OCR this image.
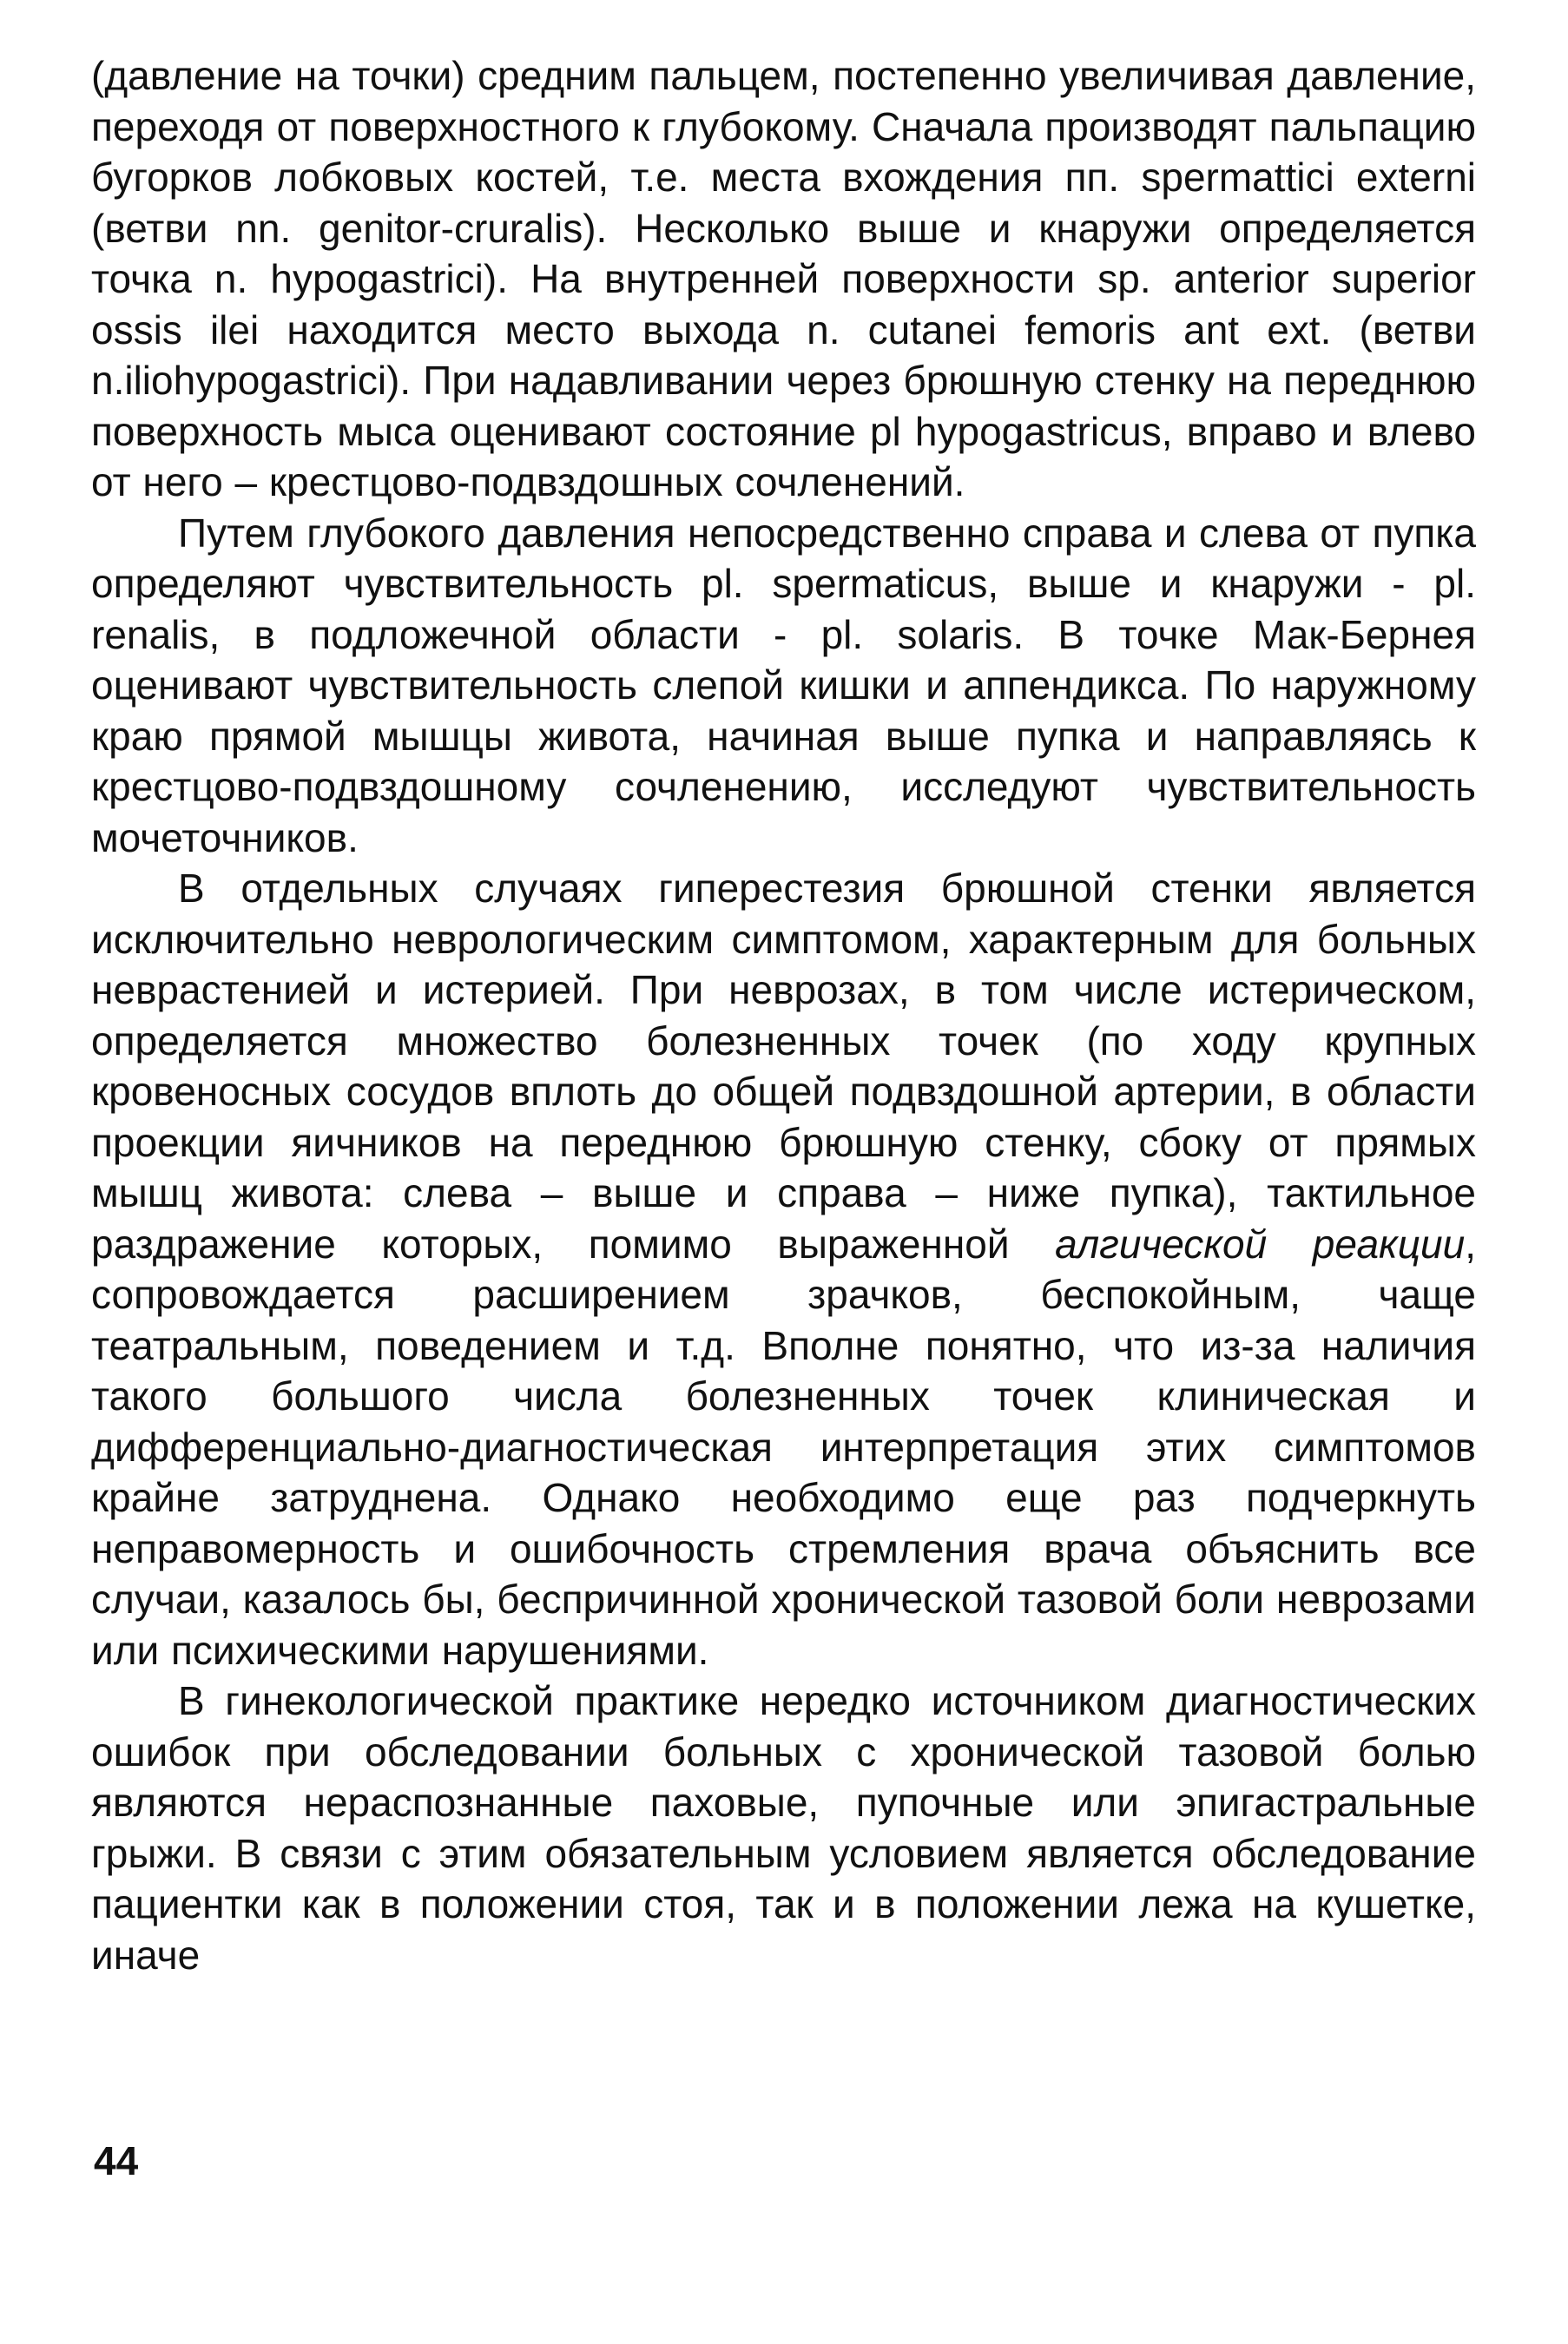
(давление на точки) средним пальцем, постепенно увеличивая давление, переходя от поверхностного к глубокому. Сначала производят пальпацию бугорков лобковых костей, т.е. места вхождения пп. spermattici externi (ветви nn. genitor-cruralis). Несколько выше и кнаружи определяется точка n. hypogastrici). На внутренней поверхности sp. anterior superior ossis ilei находится место выхода n. cutanei femoris ant ext. (ветви n.iliohypogastrici). При надавливании через брюшную стенку на переднюю поверхность мыса оценивают состояние pl hypogastricus, вправо и влево от него – крестцово-подвздошных сочленений.

Путем глубокого давления непосредственно справа и слева от пупка определяют чувствительность pl. spermaticus, выше и кнаружи - pl. renalis, в подложечной области - pl. solaris. В точке Мак-Бернея оценивают чувствительность слепой кишки и аппендикса. По наружному краю прямой мышцы живота, начиная выше пупка и направляясь к крестцово-подвздошному сочленению, исследуют чувствительность мочеточников.

В отдельных случаях гиперестезия брюшной стенки является исключительно неврологическим симптомом, характерным для больных неврастенией и истерией. При неврозах, в том числе истерическом, определяется множество болезненных точек (по ходу крупных кровеносных сосудов вплоть до общей подвздошной артерии, в области проекции яичников на переднюю брюшную стенку, сбоку от прямых мышц живота: слева – выше и справа – ниже пупка), тактильное раздражение которых, помимо выраженной алгической реакции, сопровождается расширением зрачков, беспокойным, чаще театральным, поведением и т.д. Вполне понятно, что из-за наличия такого большого числа болезненных точек клиническая и дифференциально-диагностическая интерпретация этих симптомов крайне затруднена. Однако необходимо еще раз подчеркнуть неправомерность и ошибочность стремления врача объяснить все случаи, казалось бы, беспричинной хронической тазовой боли неврозами или психическими нарушениями.

В гинекологической практике нередко источником диагностических ошибок при обследовании больных с хронической тазовой болью являются нераспознанные паховые, пупочные или эпигастральные грыжи. В связи с этим обязательным условием является обследование пациентки как в положении стоя, так и в положении лежа на кушетке, иначе

44
